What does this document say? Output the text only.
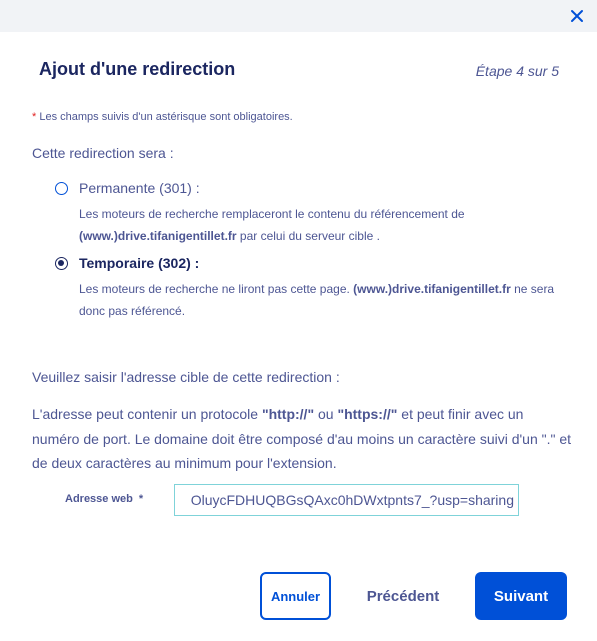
Ajout d'une redirection	Étape 4 sur 5
* Les champs suivis d'un astérisque sont obligatoires.
Cette redirection sera :
Permanente (301) :
Les moteurs de recherche remplaceront le contenu du référencement de (www.)drive.tifanigentillet.fr par celui du serveur cible .
Temporaire (302) :
Les moteurs de recherche ne liront pas cette page. (www.)drive.tifanigentillet.fr ne sera donc pas référencé.
Veuillez saisir l'adresse cible de cette redirection :
L'adresse peut contenir un protocole "http://" ou "https://" et peut finir avec un numéro de port. Le domaine doit être composé d'au moins un caractère suivi d'un "." et de deux caractères au minimum pour l'extension.
Adresse web *
OluycFDHUQBGsQAxc0hDWxtpnts7_?usp=sharing
Annuler	Précédent	Suivant
